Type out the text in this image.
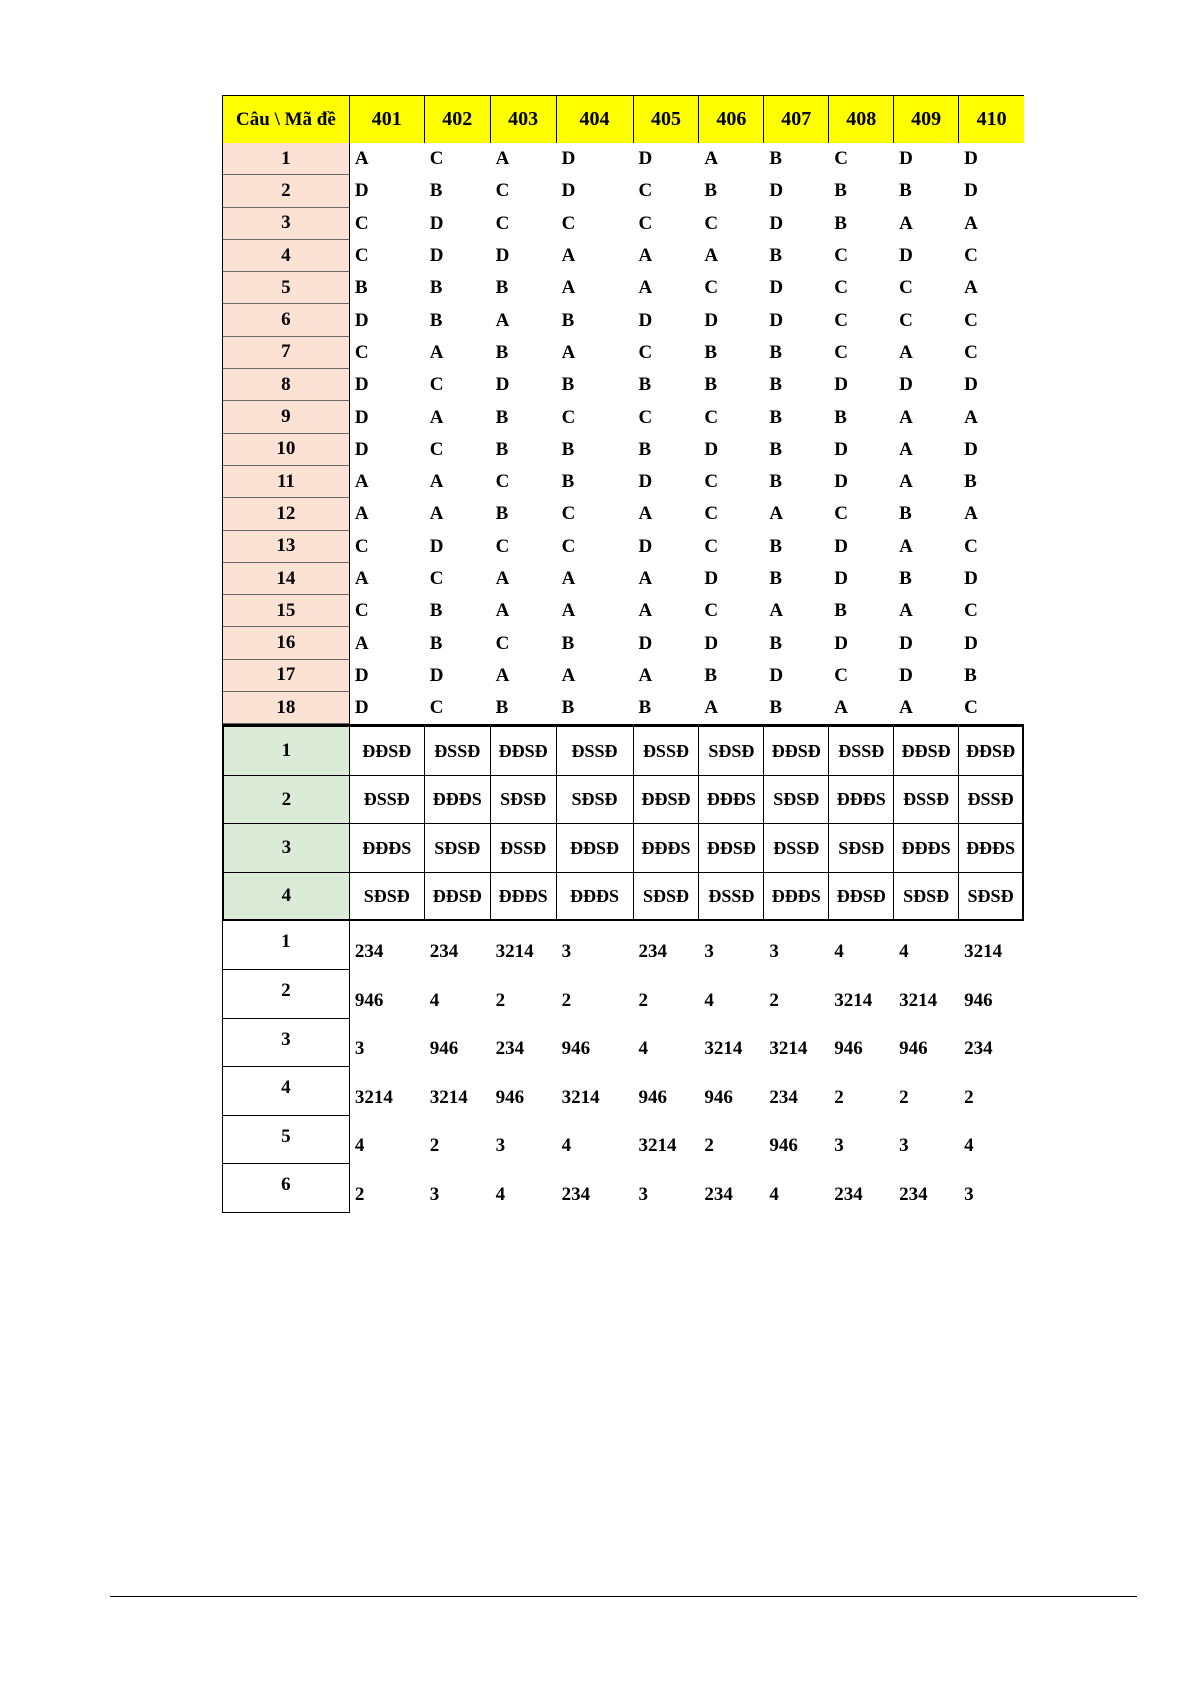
Câu \ Mã đề	401	402	403	404	405	406	407	408	409	410
1	A	C	A	D	D	A	B	C	D	D
2	D	B	C	D	C	B	D	B	B	D
3	C	D	C	C	C	C	D	B	A	A
4	C	D	D	A	A	A	B	C	D	C
5	B	B	B	A	A	C	D	C	C	A
6	D	B	A	B	D	D	D	C	C	C
7	C	A	B	A	C	B	B	C	A	C
8	D	C	D	B	B	B	B	D	D	D
9	D	A	B	C	C	C	B	B	A	A
10	D	C	B	B	B	D	B	D	A	D
11	A	A	C	B	D	C	B	D	A	B
12	A	A	B	C	A	C	A	C	B	A
13	C	D	C	C	D	C	B	D	A	C
14	A	C	A	A	A	D	B	D	B	D
15	C	B	A	A	A	C	A	B	A	C
16	A	B	C	B	D	D	B	D	D	D
17	D	D	A	A	A	B	D	C	D	B
18	D	C	B	B	B	A	B	A	A	C
1	ĐĐSĐ	ĐSSĐ	ĐĐSĐ	ĐSSĐ	ĐSSĐ	SĐSĐ ĐĐSĐ ĐSSĐ ĐĐSĐ ĐĐSĐ
2	ĐSSĐ	ĐĐĐS	SĐSĐ	SĐSĐ	ĐĐSĐ ĐĐĐS SĐSĐ ĐĐĐS ĐSSĐ	ĐSSĐ
3	ĐĐĐS	SĐSĐ	ĐSSĐ	ĐĐSĐ	ĐĐĐS ĐĐSĐ ĐSSĐ	SĐSĐ ĐĐĐS ĐĐĐS
4	SĐSĐ	ĐĐSĐ ĐĐĐS	ĐĐĐS	SĐSĐ	ĐSSĐ ĐĐĐS ĐĐSĐ SĐSĐ	SĐSĐ
1	234	234	3214	3	234	3	3	4	4	3214
2	946	4	2	2	2	4	2	3214	3214	946
3	3	946	234	946	4	3214	3214	946	946	234
4	3214	3214	946	3214	946	946	234	2	2	2
5	4	2	3	4	3214	2	946	3	3	4
6	2	3	4	234	3	234	4	234	234	3
